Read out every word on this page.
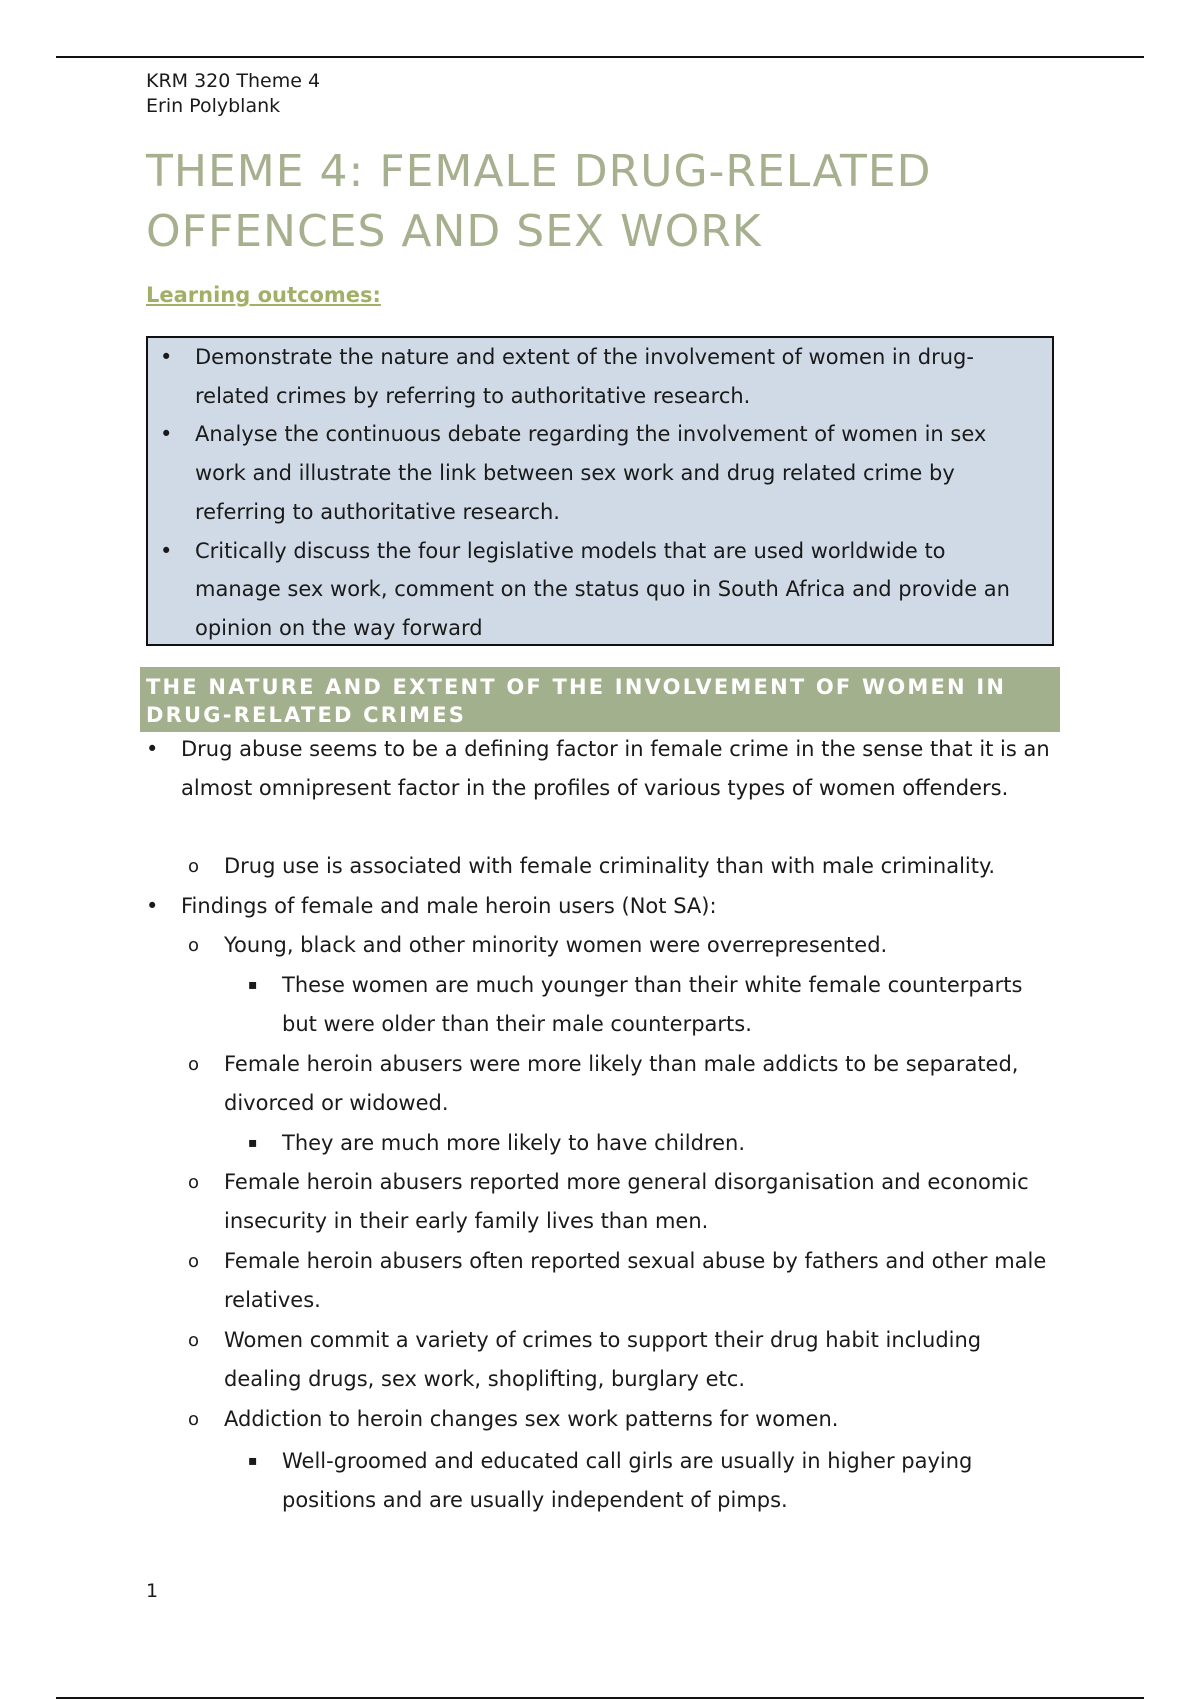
KRM 320 Theme 4
Erin Polyblank
THEME 4: FEMALE DRUG-RELATED OFFENCES AND SEX WORK
Learning outcomes:
• Demonstrate the nature and extent of the involvement of women in drug-related crimes by referring to authoritative research.
• Analyse the continuous debate regarding the involvement of women in sex work and illustrate the link between sex work and drug related crime by referring to authoritative research.
• Critically discuss the four legislative models that are used worldwide to manage sex work, comment on the status quo in South Africa and provide an opinion on the way forward
THE NATURE AND EXTENT OF THE INVOLVEMENT OF WOMEN IN DRUG-RELATED CRIMES
• Drug abuse seems to be a defining factor in female crime in the sense that it is an almost omnipresent factor in the profiles of various types of women offenders.
o Drug use is associated with female criminality than with male criminality.
• Findings of female and male heroin users (Not SA):
o Young, black and other minority women were overrepresented.
▪ These women are much younger than their white female counterparts but were older than their male counterparts.
o Female heroin abusers were more likely than male addicts to be separated, divorced or widowed.
▪ They are much more likely to have children.
o Female heroin abusers reported more general disorganisation and economic insecurity in their early family lives than men.
o Female heroin abusers often reported sexual abuse by fathers and other male relatives.
o Women commit a variety of crimes to support their drug habit including dealing drugs, sex work, shoplifting, burglary etc.
o Addiction to heroin changes sex work patterns for women.
▪ Well-groomed and educated call girls are usually in higher paying positions and are usually independent of pimps.
1
